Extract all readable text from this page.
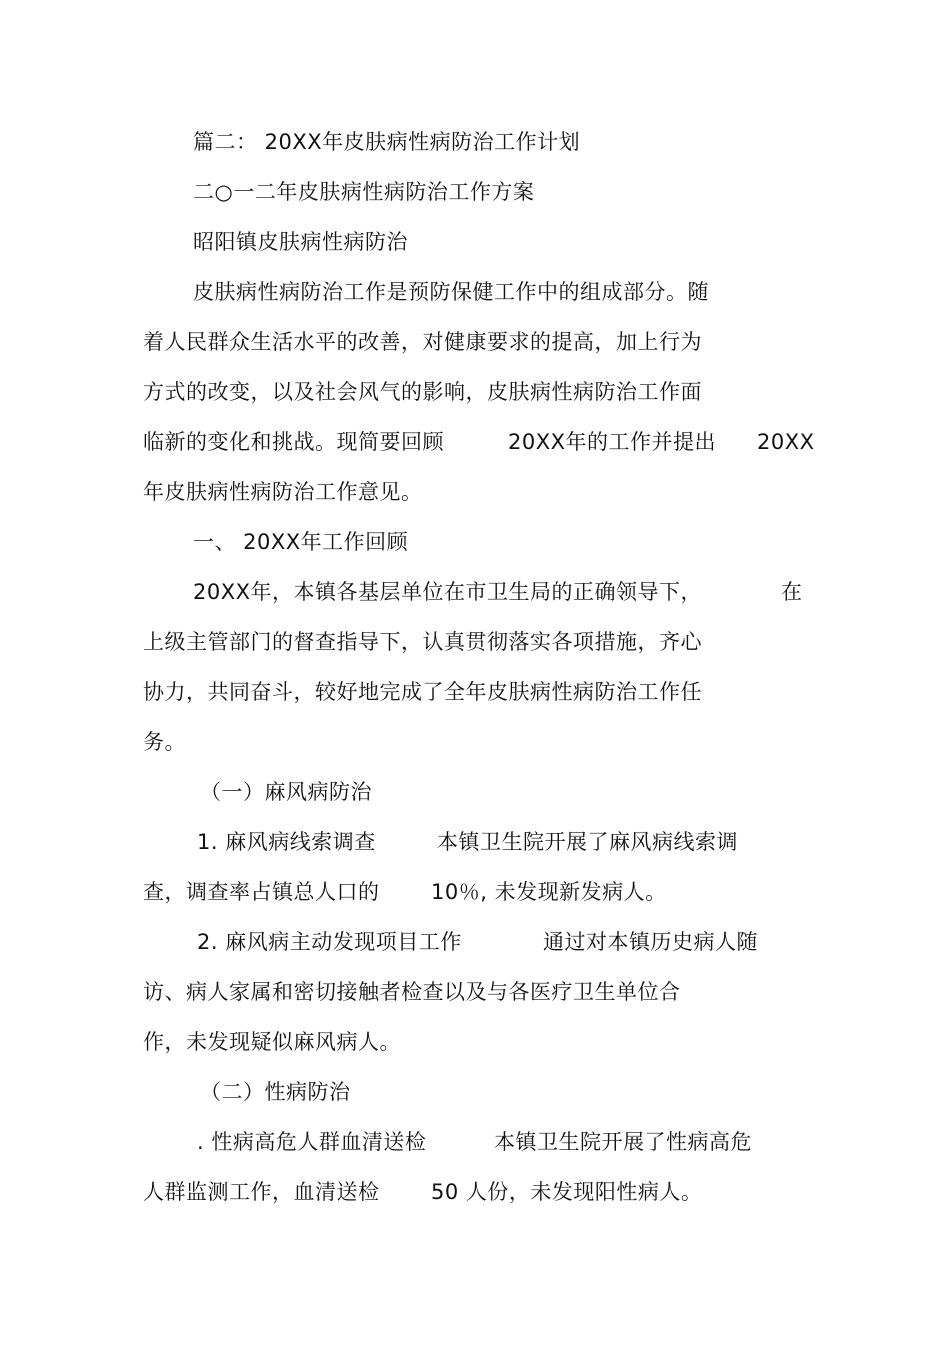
篇二： 20XX年皮肤病性病防治工作计划
二○一二年皮肤病性病防治工作方案
昭阳镇皮肤病性病防治
皮肤病性病防治工作是预防保健工作中的组成部分。随
着人民群众生活水平的改善，对健康要求的提高，加上行为
方式的改变，以及社会风气的影响，皮肤病性病防治工作面
临新的变化和挑战。现简要回顾	20XX年的工作并提出 20XX
年皮肤病性病防治工作意见。
一、 20XX年工作回顾
20XX年，本镇各基层单位在市卫生局的正确领导下，	在
上级主管部门的督查指导下，认真贯彻落实各项措施，齐心
协力，共同奋斗，较好地完成了全年皮肤病性病防治工作任
务。
（一）麻风病防治
1. 麻风病线索调查	本镇卫生院开展了麻风病线索调
查，调查率占镇总人口的 10％, 未发现新发病人。
2. 麻风病主动发现项目工作	通过对本镇历史病人随
访、病人家属和密切接触者检查以及与各医疗卫生单位合
作，未发现疑似麻风病人。
（二）性病防治
. 性病高危人群血清送检	本镇卫生院开展了性病高危
人群监测工作，血清送检 50 人份，未发现阳性病人。
